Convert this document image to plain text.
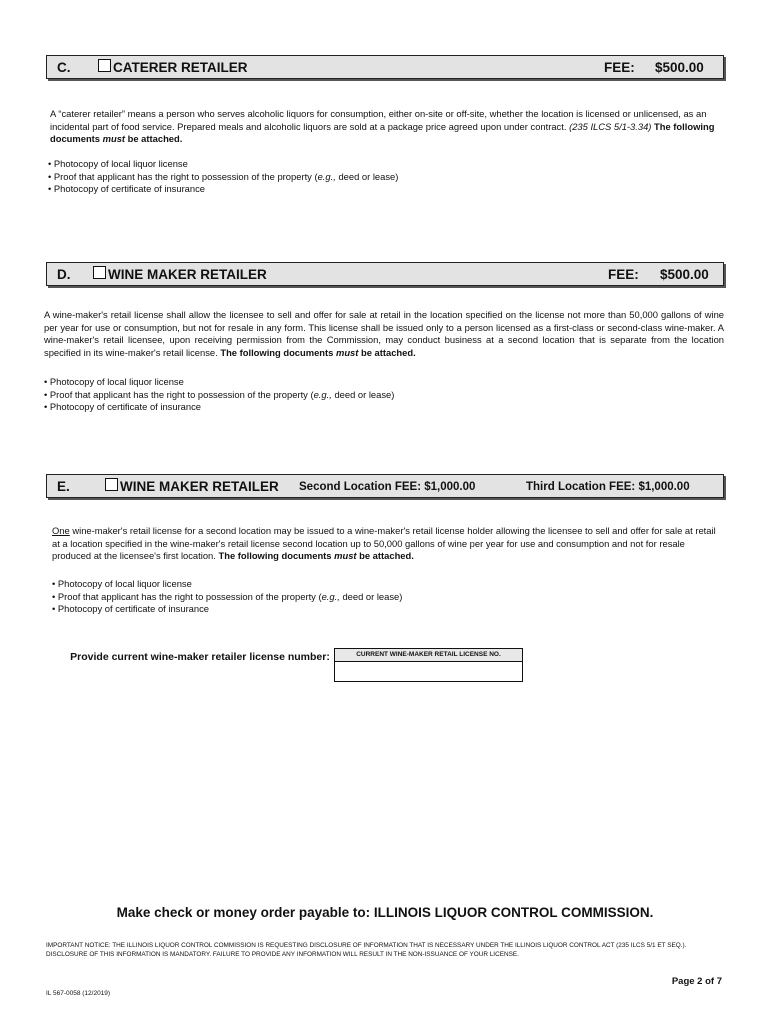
C.	CATERER RETAILER	FEE: $500.00

A “caterer retailer” means a person who serves alcoholic liquors for consumption, either on-site or off-site, whether the location is licensed or unlicensed, as an incidental part of food service. Prepared meals and alcoholic liquors are sold at a package price agreed upon under contract. (235 ILCS 5/1-3.34) The following documents must be attached.

• Photocopy of local liquor license
• Proof that applicant has the right to possession of the property (e.g., deed or lease)
• Photocopy of certificate of insurance
D.	WINE MAKER RETAILER	FEE: $500.00

A wine-maker's retail license shall allow the licensee to sell and offer for sale at retail in the location specified on the license not more than 50,000 gallons of wine per year for use or consumption, but not for resale in any form. This license shall be issued only to a person licensed as a first-class or second-class wine-maker. A wine-maker's retail licensee, upon receiving permission from the Commission, may conduct business at a second location that is separate from the location specified in its wine-maker's retail license. The following documents must be attached.

• Photocopy of local liquor license
• Proof that applicant has the right to possession of the property (e.g., deed or lease)
• Photocopy of certificate of insurance
E.	WINE MAKER RETAILER Second Location FEE: $1,000.00	Third Location FEE: $1,000.00

One wine-maker's retail license for a second location may be issued to a wine-maker's retail license holder allowing the licensee to sell and offer for sale at retail at a location specified in the wine-maker's retail license second location up to 50,000 gallons of wine per year for use and consumption and not for resale produced at the licensee's first location. The following documents must be attached.

• Photocopy of local liquor license
• Proof that applicant has the right to possession of the property (e.g., deed or lease)
• Photocopy of certificate of insurance
Provide current wine-maker retailer license number:	CURRENT WINE-MAKER RETAIL LICENSE NO.
Make check or money order payable to: ILLINOIS LIQUOR CONTROL COMMISSION.

IMPORTANT NOTICE: THE ILLINOIS LIQUOR CONTROL COMMISSION IS REQUESTING DISCLOSURE OF INFORMATION THAT IS NECESSARY UNDER THE ILLINOIS LIQUOR CONTROL ACT (235 ILCS 5/1 ET SEQ.). DISCLOSURE OF THIS INFORMATION IS MANDATORY. FAILURE TO PROVIDE ANY INFORMATION WILL RESULT IN THE NON-ISSUANCE OF YOUR LICENSE.

Page 2 of 7
IL 567-0058 (12/2019)
